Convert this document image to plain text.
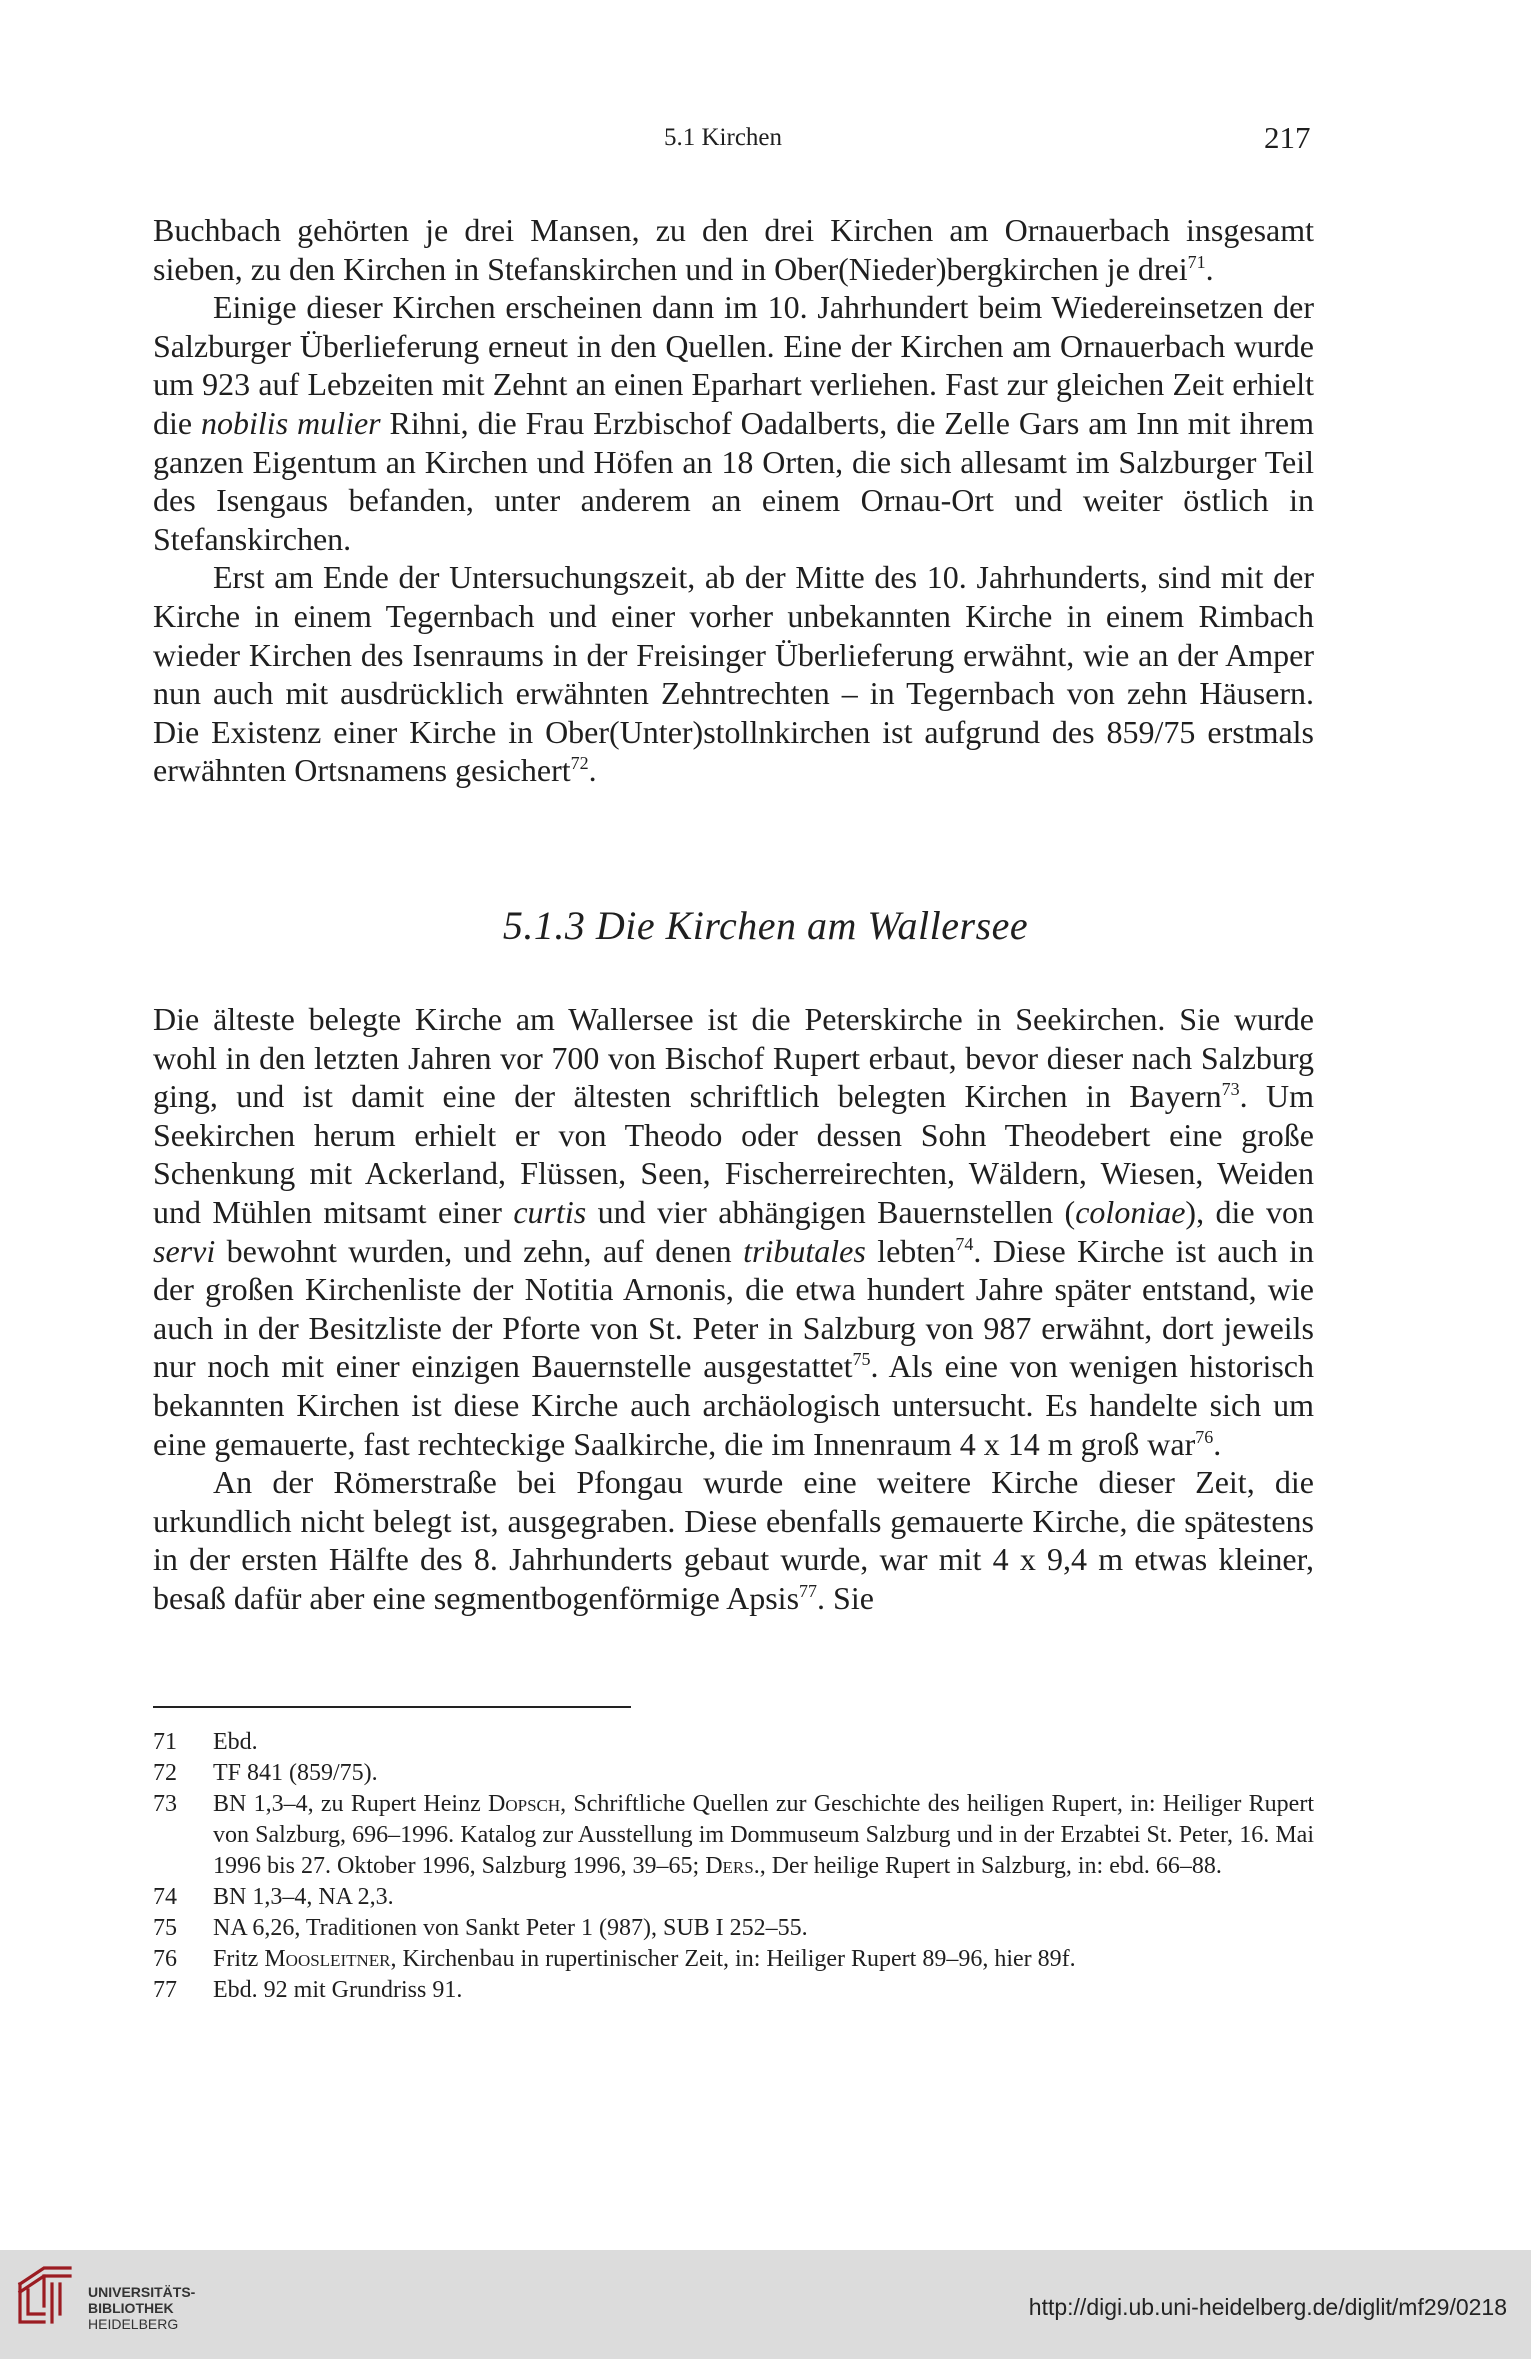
5.1 Kirchen	217

Buchbach gehörten je drei Mansen, zu den drei Kirchen am Ornauerbach insgesamt sieben, zu den Kirchen in Stefanskirchen und in Ober(Nieder)bergkirchen je drei$^{71}$.

Einige dieser Kirchen erscheinen dann im 10. Jahrhundert beim Wiedereinsetzen der Salzburger Überlieferung erneut in den Quellen. Eine der Kirchen am Ornauerbach wurde um 923 auf Lebzeiten mit Zehnt an einen Eparhart verliehen. Fast zur gleichen Zeit erhielt die nobilis mulier Rihni, die Frau Erzbischof Oadalberts, die Zelle Gars am Inn mit ihrem ganzen Eigentum an Kirchen und Höfen an 18 Orten, die sich allesamt im Salzburger Teil des Isengaus befanden, unter anderem an einem Ornau-Ort und weiter östlich in Stefanskirchen.

Erst am Ende der Untersuchungszeit, ab der Mitte des 10. Jahrhunderts, sind mit der Kirche in einem Tegernbach und einer vorher unbekannten Kirche in einem Rimbach wieder Kirchen des Isenraums in der Freisinger Überlieferung erwähnt, wie an der Amper nun auch mit ausdrücklich erwähnten Zehntrechten – in Tegernbach von zehn Häusern. Die Existenz einer Kirche in Ober(Unter)stollnkirchen ist aufgrund des 859/75 erstmals erwähnten Ortsnamens gesichert$^{72}$.

5.1.3 Die Kirchen am Wallersee

Die älteste belegte Kirche am Wallersee ist die Peterskirche in Seekirchen. Sie wurde wohl in den letzten Jahren vor 700 von Bischof Rupert erbaut, bevor dieser nach Salzburg ging, und ist damit eine der ältesten schriftlich belegten Kirchen in Bayern$^{73}$. Um Seekirchen herum erhielt er von Theodo oder dessen Sohn Theodebert eine große Schenkung mit Ackerland, Flüssen, Seen, Fischerreirechten, Wäldern, Wiesen, Weiden und Mühlen mitsamt einer curtis und vier abhängigen Bauernstellen (coloniae), die von servi bewohnt wurden, und zehn, auf denen tributales lebten$^{74}$. Diese Kirche ist auch in der großen Kirchenliste der Notitia Arnonis, die etwa hundert Jahre später entstand, wie auch in der Besitzliste der Pforte von St. Peter in Salzburg von 987 erwähnt, dort jeweils nur noch mit einer einzigen Bauernstelle ausgestattet$^{75}$. Als eine von wenigen historisch bekannten Kirchen ist diese Kirche auch archäologisch untersucht. Es handelte sich um eine gemauerte, fast rechteckige Saalkirche, die im Innenraum 4 x 14 m groß war$^{76}$.

An der Römerstraße bei Pfongau wurde eine weitere Kirche dieser Zeit, die urkundlich nicht belegt ist, ausgegraben. Diese ebenfalls gemauerte Kirche, die spätestens in der ersten Hälfte des 8. Jahrhunderts gebaut wurde, war mit 4 x 9,4 m etwas kleiner, besaß dafür aber eine segmentbogenförmige Apsis$^{77}$. Sie

71	Ebd.
72	TF 841 (859/75).
73	BN 1,3–4, zu Rupert Heinz Dopsch, Schriftliche Quellen zur Geschichte des heiligen Rupert, in: Heiliger Rupert von Salzburg, 696–1996. Katalog zur Ausstellung im Dommuseum Salzburg und in der Erzabtei St. Peter, 16. Mai 1996 bis 27. Oktober 1996, Salzburg 1996, 39–65; Ders., Der heilige Rupert in Salzburg, in: ebd. 66–88.
74	BN 1,3–4, NA 2,3.
75	NA 6,26, Traditionen von Sankt Peter 1 (987), SUB I 252–55.
76	Fritz Moosleitner, Kirchenbau in rupertinischer Zeit, in: Heiliger Rupert 89–96, hier 89f.
77	Ebd. 92 mit Grundriss 91.
UNIVERSITÄTS-
BIBLIOTHEK
HEIDELBERG
http://digi.ub.uni-heidelberg.de/diglit/mf29/0218
